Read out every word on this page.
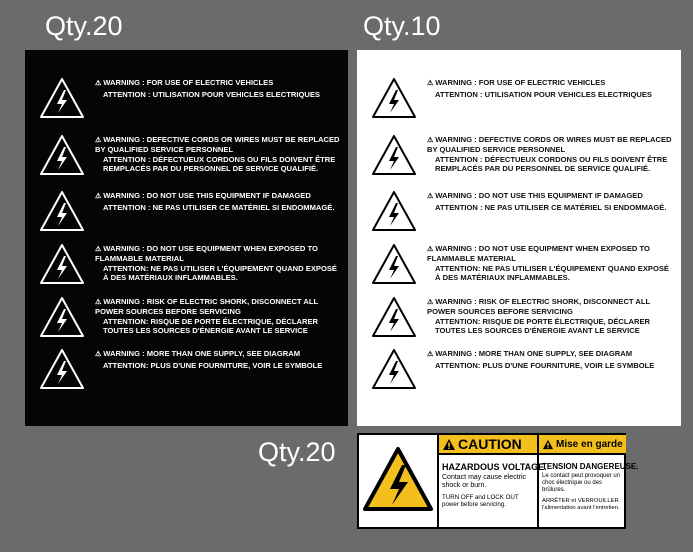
Qty.20	Qty.10
Qty.20
⚠ WARNING : FOR USE OF ELECTRIC VEHICLES
ATTENTION : UTILISATION POUR VEHICLES ELECTRIQUES
⚠ WARNING : DEFECTIVE CORDS OR WIRES MUST BE REPLACED BY QUALIFIED SERVICE PERSONNEL
ATTENTION : DÉFECTUEUX CORDONS OU FILS DOIVENT ÊTRE REMPLACÉS PAR DU PERSONNEL DE SERVICE QUALIFIÉ.
⚠ WARNING : DO NOT USE THIS EQUIPMENT IF DAMAGED
ATTENTION : NE PAS UTILISER CE MATÉRIEL SI ENDOMMAGÉ.
⚠ WARNING : DO NOT USE EQUIPMENT WHEN EXPOSED TO FLAMMABLE MATERIAL
ATTENTION: NE PAS UTILISER L'ÉQUIPEMENT QUAND EXPOSÉ À DES MATÉRIAUX INFLAMMABLES.
⚠ WARNING : RISK OF ELECTRIC SHORK, DISCONNECT ALL POWER SOURCES BEFORE SERVICING
ATTENTION: RISQUE DE PORTE ÉLECTRIQUE, DÉCLARER TOUTES LES SOURCES D'ÉNERGIE AVANT LE SERVICE
⚠ WARNING : MORE THAN ONE SUPPLY, SEE DIAGRAM
ATTENTION: PLUS D'UNE FOURNITURE, VOIR LE SYMBOLE
⚠ WARNING : FOR USE OF ELECTRIC VEHICLES
ATTENTION : UTILISATION POUR VEHICLES ELECTRIQUES
⚠ WARNING : DEFECTIVE CORDS OR WIRES MUST BE REPLACED BY QUALIFIED SERVICE PERSONNEL
ATTENTION : DÉFECTUEUX CORDONS OU FILS DOIVENT ÊTRE REMPLACÉS PAR DU PERSONNEL DE SERVICE QUALIFIÉ.
⚠ WARNING : DO NOT USE THIS EQUIPMENT IF DAMAGED
ATTENTION : NE PAS UTILISER CE MATÉRIEL SI ENDOMMAGÉ.
⚠ WARNING : DO NOT USE EQUIPMENT WHEN EXPOSED TO FLAMMABLE MATERIAL
ATTENTION: NE PAS UTILISER L'ÉQUIPEMENT QUAND EXPOSÉ À DES MATÉRIAUX INFLAMMABLES.
⚠ WARNING : RISK OF ELECTRIC SHORK, DISCONNECT ALL POWER SOURCES BEFORE SERVICING
ATTENTION: RISQUE DE PORTE ÉLECTRIQUE, DÉCLARER TOUTES LES SOURCES D'ÉNERGIE AVANT LE SERVICE
⚠ WARNING : MORE THAN ONE SUPPLY, SEE DIAGRAM
ATTENTION: PLUS D'UNE FOURNITURE, VOIR LE SYMBOLE
CAUTION
HAZARDOUS VOLTAGE.
Contact may cause electric shock or burn.
TURN OFF and LOCK OUT power before servicing.
Mise en garde
TENSION DANGEREUSE.
Le contact peut provoquer un choc électrique ou des brûlures.
ARRÊTER et VERROUILLER l'alimentation avant l'entretien.
